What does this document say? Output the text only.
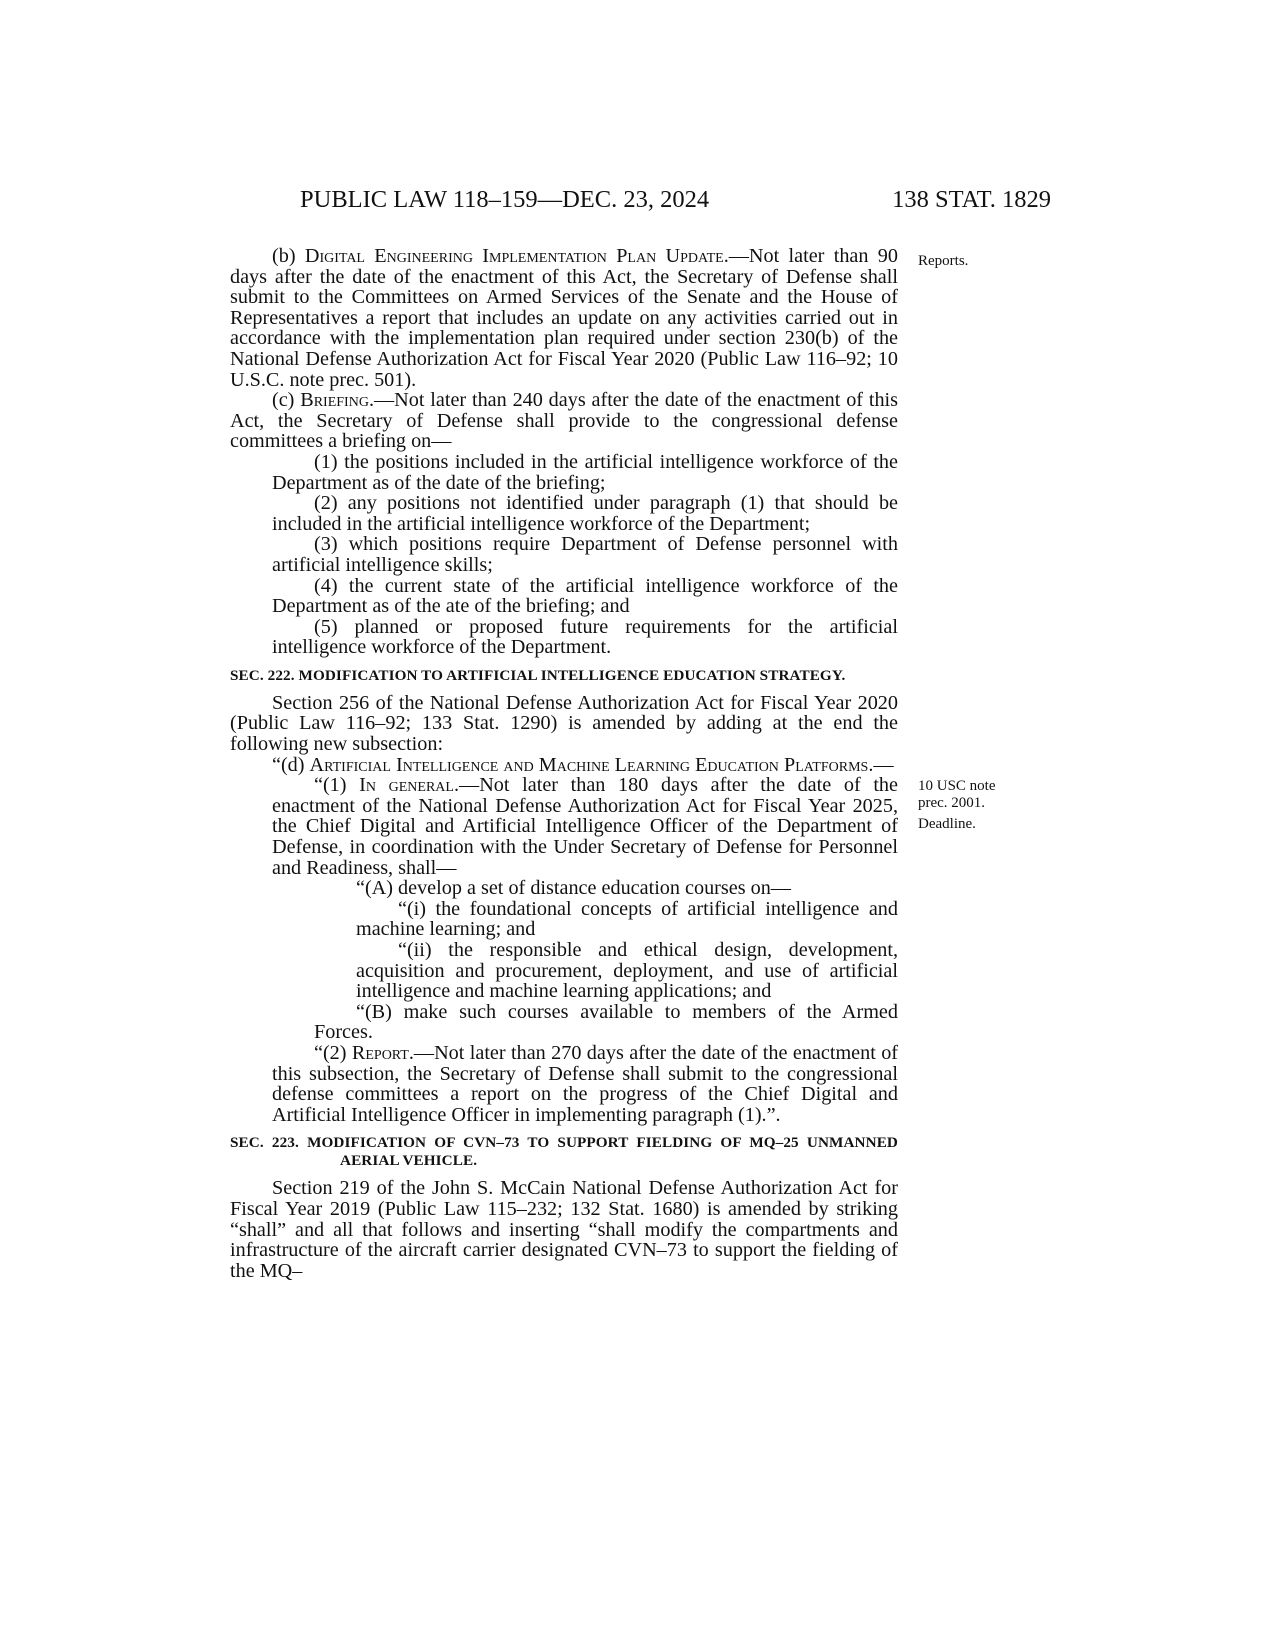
PUBLIC LAW 118–159—DEC. 23, 2024	138 STAT. 1829
Reports.
10 USC note
prec. 2001.
Deadline.

(b) Digital Engineering Implementation Plan Update.—Not later than 90 days after the date of the enactment of this Act, the Secretary of Defense shall submit to the Committees on Armed Services of the Senate and the House of Representatives a report that includes an update on any activities carried out in accordance with the implementation plan required under section 230(b) of the National Defense Authorization Act for Fiscal Year 2020 (Public Law 116–92; 10 U.S.C. note prec. 501).

(c) Briefing.—Not later than 240 days after the date of the enactment of this Act, the Secretary of Defense shall provide to the congressional defense committees a briefing on—

(1) the positions included in the artificial intelligence workforce of the Department as of the date of the briefing;

(2) any positions not identified under paragraph (1) that should be included in the artificial intelligence workforce of the Department;

(3) which positions require Department of Defense personnel with artificial intelligence skills;

(4) the current state of the artificial intelligence workforce of the Department as of the ate of the briefing; and

(5) planned or proposed future requirements for the artificial intelligence workforce of the Department.

SEC. 222. MODIFICATION TO ARTIFICIAL INTELLIGENCE EDUCATION STRATEGY.

Section 256 of the National Defense Authorization Act for Fiscal Year 2020 (Public Law 116–92; 133 Stat. 1290) is amended by adding at the end the following new subsection:

“(d) Artificial Intelligence and Machine Learning Education Platforms.—

“(1) In general.—Not later than 180 days after the date of the enactment of the National Defense Authorization Act for Fiscal Year 2025, the Chief Digital and Artificial Intelligence Officer of the Department of Defense, in coordination with the Under Secretary of Defense for Personnel and Readiness, shall—

“(A) develop a set of distance education courses on—

“(i) the foundational concepts of artificial intelligence and machine learning; and

“(ii) the responsible and ethical design, development, acquisition and procurement, deployment, and use of artificial intelligence and machine learning applications; and

“(B) make such courses available to members of the Armed Forces.

“(2) Report.—Not later than 270 days after the date of the enactment of this subsection, the Secretary of Defense shall submit to the congressional defense committees a report on the progress of the Chief Digital and Artificial Intelligence Officer in implementing paragraph (1).”.

SEC. 223. MODIFICATION OF CVN–73 TO SUPPORT FIELDING OF MQ–25 UNMANNED AERIAL VEHICLE.

Section 219 of the John S. McCain National Defense Authorization Act for Fiscal Year 2019 (Public Law 115–232; 132 Stat. 1680) is amended by striking “shall” and all that follows and inserting “shall modify the compartments and infrastructure of the aircraft carrier designated CVN–73 to support the fielding of the MQ–
